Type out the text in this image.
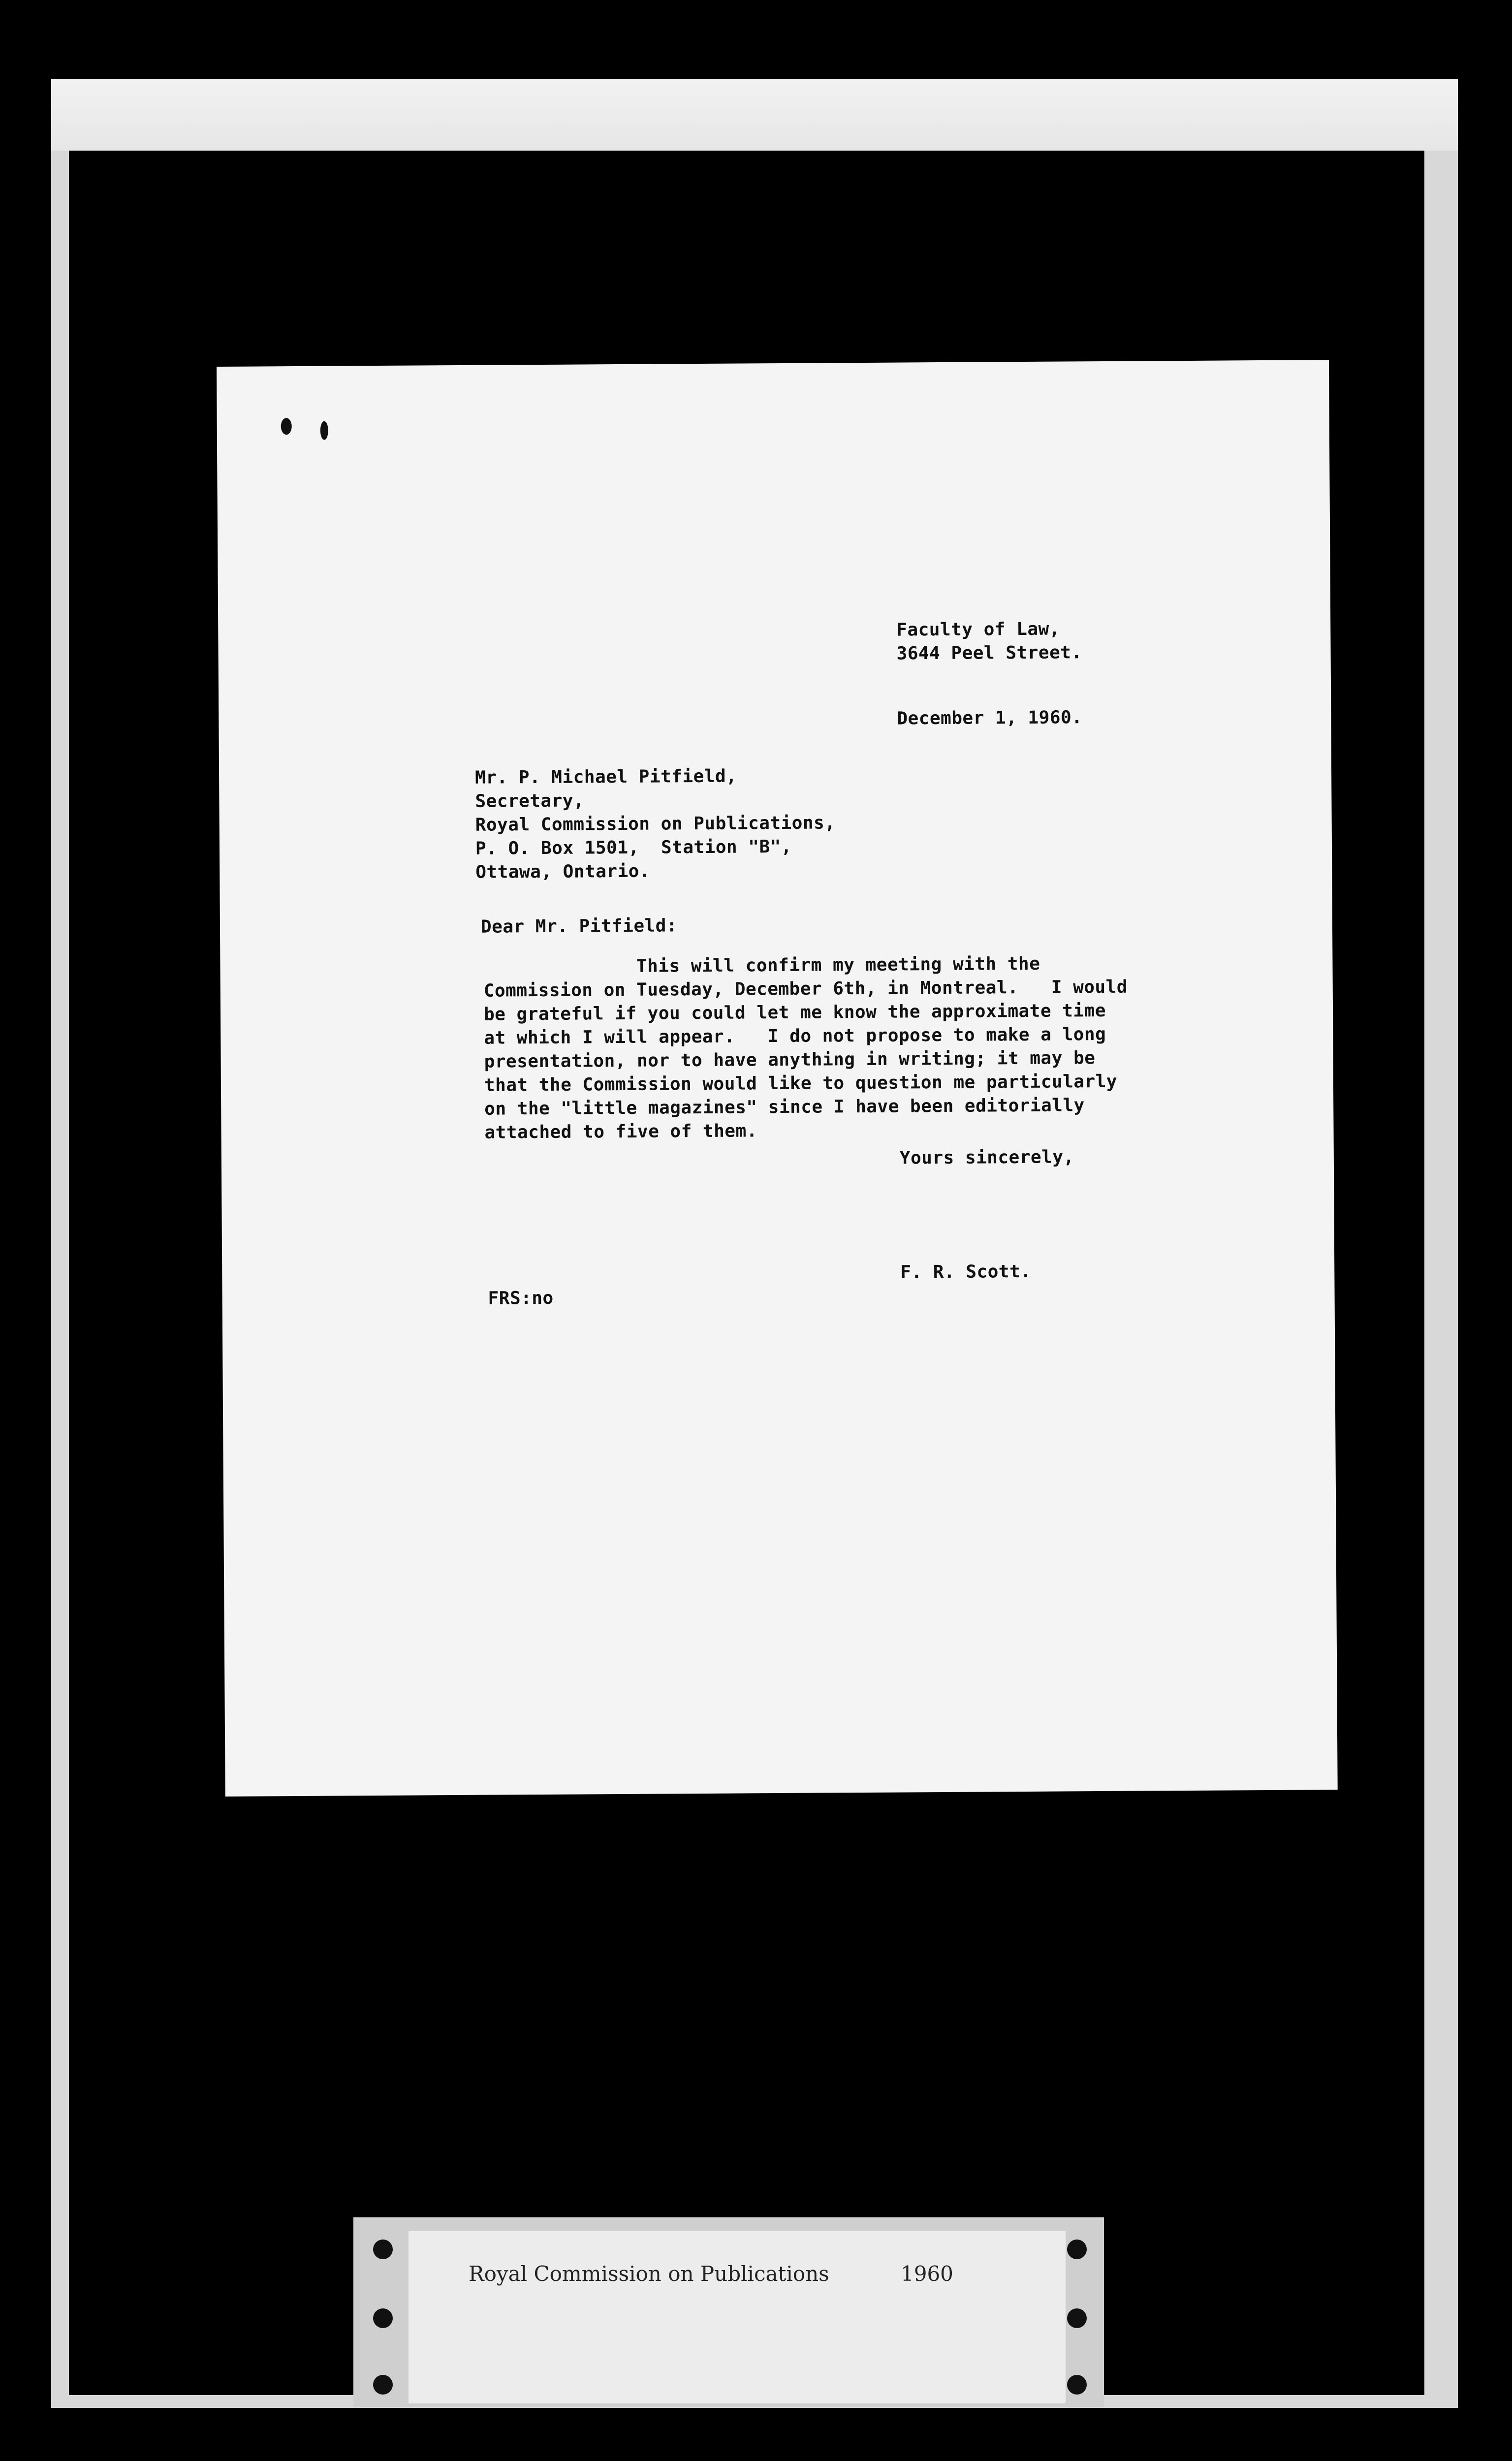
Faculty of Law,
3644 Peel Street.
December 1, 1960.
Mr. P. Michael Pitfield,
Secretary,
Royal Commission on Publications,
P. O. Box 1501,  Station "B",
Ottawa, Ontario.
Dear Mr. Pitfield:
This will confirm my meeting with the
Commission on Tuesday, December 6th, in Montreal.   I would
be grateful if you could let me know the approximate time
at which I will appear.   I do not propose to make a long
presentation, nor to have anything in writing; it may be
that the Commission would like to question me particularly
on the "little magazines" since I have been editorially
attached to five of them.
Yours sincerely,
F. R. Scott.
FRS:no
Royal Commission on Publications	1960
